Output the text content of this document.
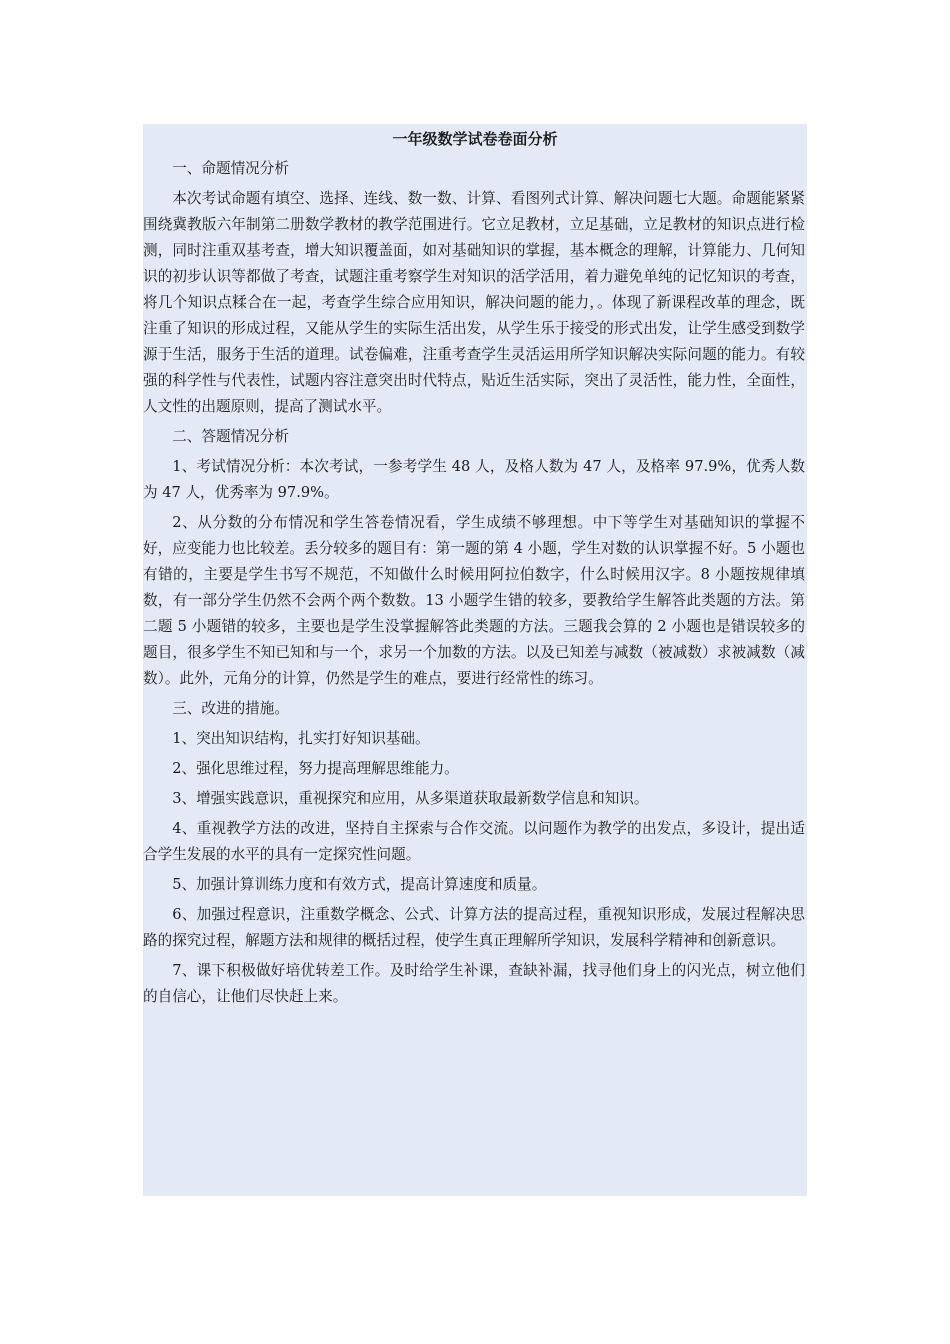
一年级数学试卷卷面分析

一、命题情况分析

本次考试命题有填空、选择、连线、数一数、计算、看图列式计算、解决问题七大题。命题能紧紧围绕冀教版六年制第二册数学教材的教学范围进行。它立足教材，立足基础，立足教材的知识点进行检测，同时注重双基考查，增大知识覆盖面，如对基础知识的掌握，基本概念的理解，计算能力、几何知识的初步认识等都做了考查，试题注重考察学生对知识的活学活用，着力避免单纯的记忆知识的考查，将几个知识点糅合在一起，考查学生综合应用知识，解决问题的能力，。体现了新课程改革的理念，既注重了知识的形成过程，又能从学生的实际生活出发，从学生乐于接受的形式出发，让学生感受到数学源于生活，服务于生活的道理。试卷偏难，注重考查学生灵活运用所学知识解决实际问题的能力。有较强的科学性与代表性，试题内容注意突出时代特点，贴近生活实际，突出了灵活性，能力性，全面性，人文性的出题原则，提高了测试水平。

二、答题情况分析

1、考试情况分析：本次考试，一参考学生 48 人，及格人数为 47 人，及格率 97.9%，优秀人数为 47 人，优秀率为 97.9%。

2、从分数的分布情况和学生答卷情况看，学生成绩不够理想。中下等学生对基础知识的掌握不好，应变能力也比较差。丢分较多的题目有：第一题的第 4 小题，学生对数的认识掌握不好。5 小题也有错的，主要是学生书写不规范，不知做什么时候用阿拉伯数字，什么时候用汉字。8 小题按规律填数，有一部分学生仍然不会两个两个数数。13 小题学生错的较多，要教给学生解答此类题的方法。第二题 5 小题错的较多，主要也是学生没掌握解答此类题的方法。三题我会算的 2 小题也是错误较多的题目，很多学生不知已知和与一个，求另一个加数的方法。以及已知差与减数（被减数）求被减数（减数）。此外，元角分的计算，仍然是学生的难点，要进行经常性的练习。

三、改进的措施。

1、突出知识结构，扎实打好知识基础。

2、强化思维过程，努力提高理解思维能力。

3、增强实践意识，重视探究和应用，从多渠道获取最新数学信息和知识。

4、重视教学方法的改进，坚持自主探索与合作交流。以问题作为教学的出发点，多设计，提出适合学生发展的水平的具有一定探究性问题。

5、加强计算训练力度和有效方式，提高计算速度和质量。

6、加强过程意识，注重数学概念、公式、计算方法的提高过程，重视知识形成，发展过程解决思路的探究过程，解题方法和规律的概括过程，使学生真正理解所学知识，发展科学精神和创新意识。

7、课下积极做好培优转差工作。及时给学生补课，查缺补漏，找寻他们身上的闪光点，树立他们的自信心，让他们尽快赶上来。
